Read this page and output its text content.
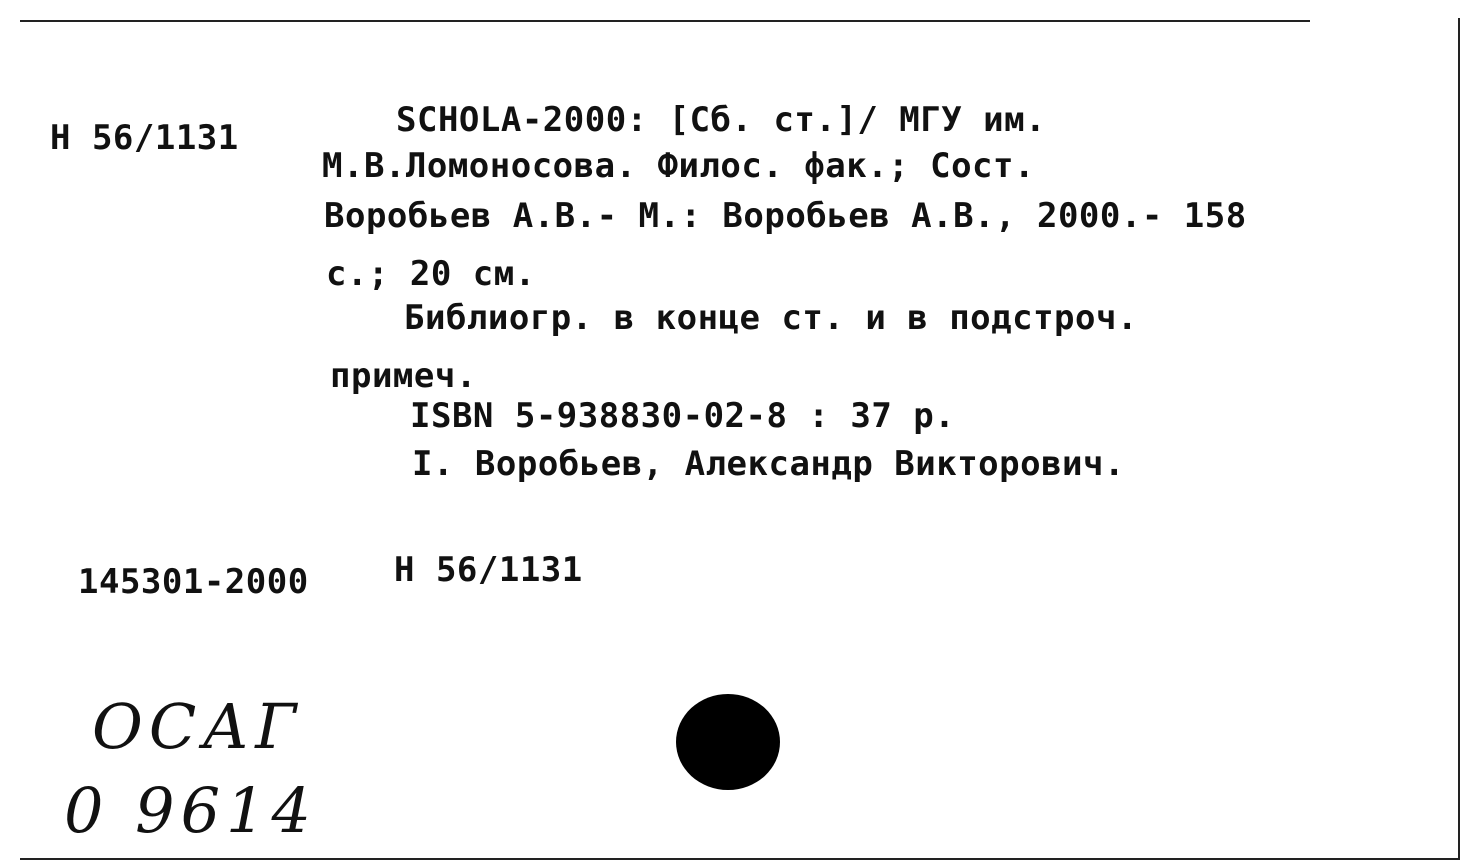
Н 56/1131	SCHOLA-2000: [Сб. ст.]/ МГУ им.
М.В.Ломоносова. Филос. фак.; Сост.
Воробьев А.В.- М.: Воробьев А.В., 2000.- 158
с.; 20 см.
Библиогр. в конце ст. и в подстроч.
примеч.
ISBN 5-938830-02-8 : 37 р.
I. Воробьев, Александр Викторович.
145301-2000	Н 56/1131
ОСАГ
0 9614
